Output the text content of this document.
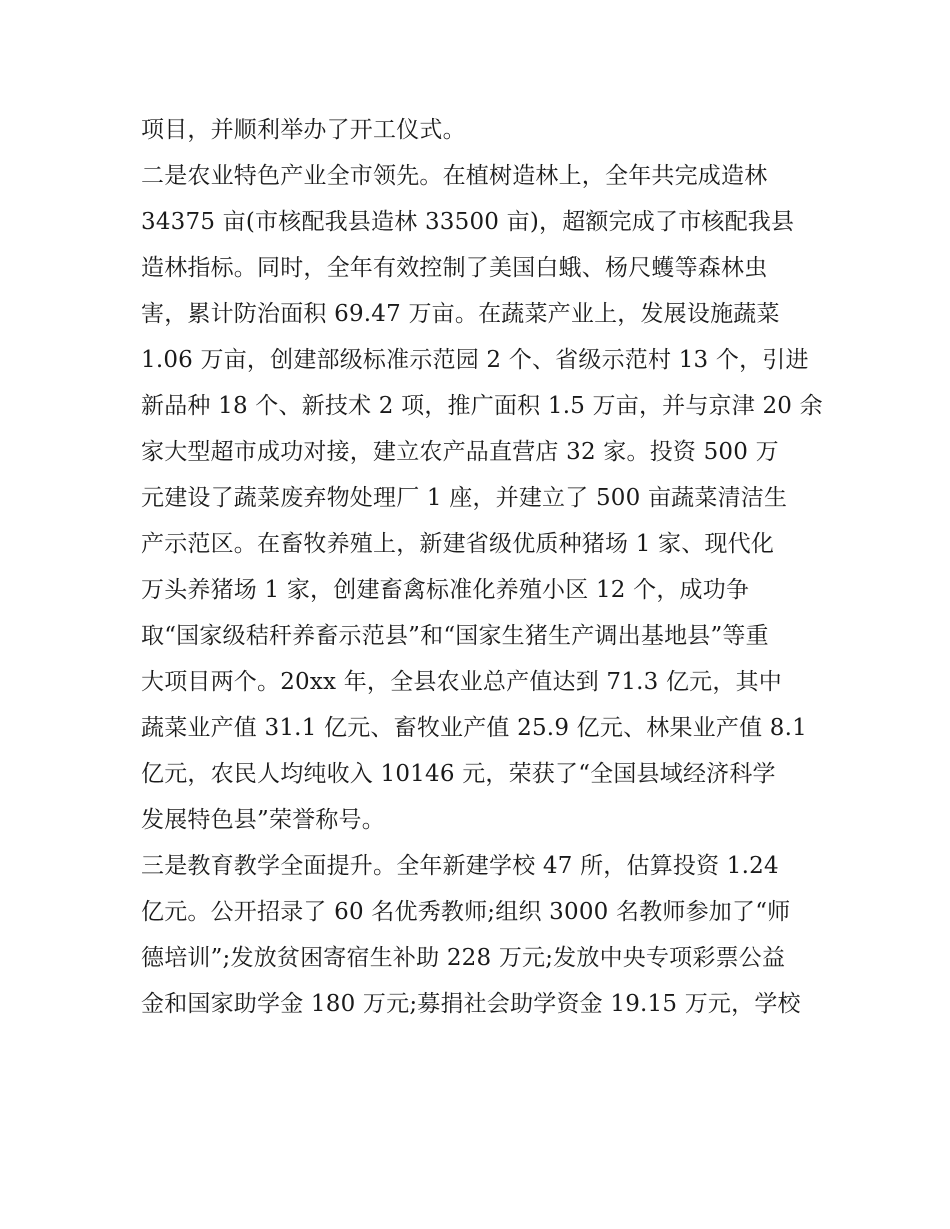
项目，并顺利举办了开工仪式。
二是农业特色产业全市领先。在植树造林上，全年共完成造林
34375 亩(市核配我县造林 33500 亩)，超额完成了市核配我县
造林指标。同时，全年有效控制了美国白蛾、杨尺蠖等森林虫
害，累计防治面积 69.47 万亩。在蔬菜产业上，发展设施蔬菜
1.06 万亩，创建部级标准示范园 2 个、省级示范村 13 个，引进
新品种 18 个、新技术 2 项，推广面积 1.5 万亩，并与京津 20 余
家大型超市成功对接，建立农产品直营店 32 家。投资 500 万
元建设了蔬菜废弃物处理厂 1 座，并建立了 500 亩蔬菜清洁生
产示范区。在畜牧养殖上，新建省级优质种猪场 1 家、现代化
万头养猪场 1 家，创建畜禽标准化养殖小区 12 个，成功争
取“国家级秸秆养畜示范县”和“国家生猪生产调出基地县”等重
大项目两个。20xx 年，全县农业总产值达到 71.3 亿元，其中
蔬菜业产值 31.1 亿元、畜牧业产值 25.9 亿元、林果业产值 8.1
亿元，农民人均纯收入 10146 元，荣获了“全国县域经济科学
发展特色县”荣誉称号。
三是教育教学全面提升。全年新建学校 47 所，估算投资 1.24
亿元。公开招录了 60 名优秀教师;组织 3000 名教师参加了“师
德培训”;发放贫困寄宿生补助 228 万元;发放中央专项彩票公益
金和国家助学金 180 万元;募捐社会助学资金 19.15 万元，学校
